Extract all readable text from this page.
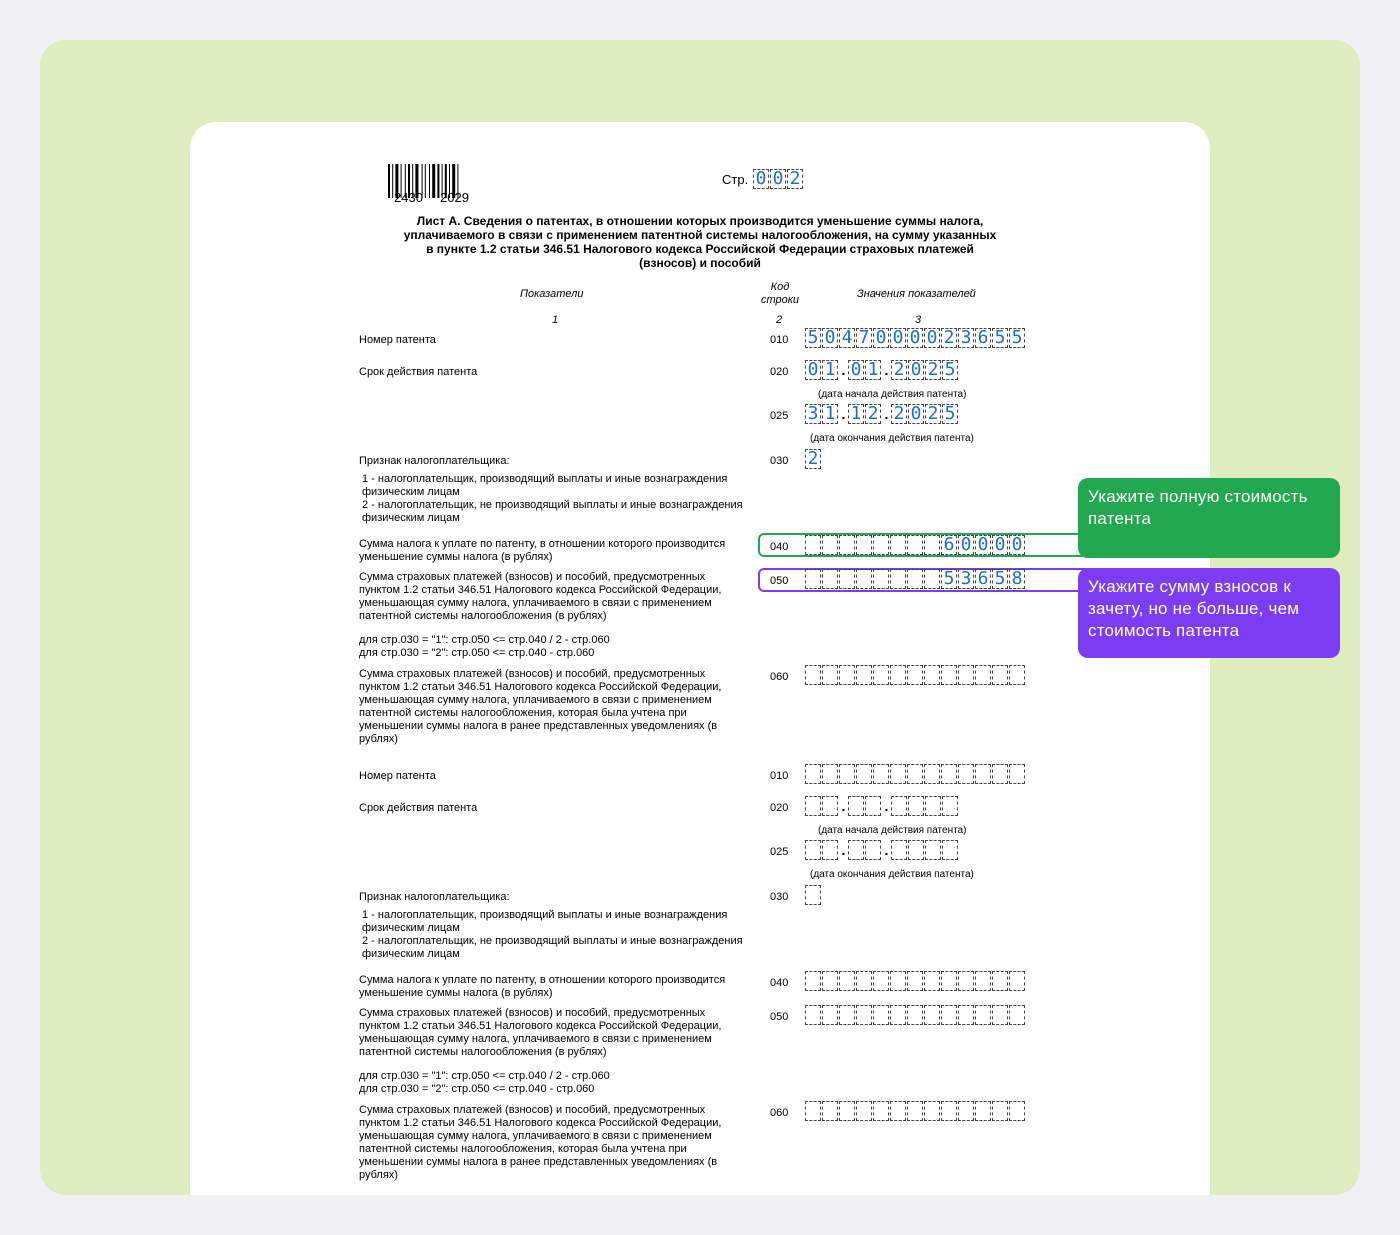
2430 2029
Стр. 0 0 2
Лист А. Сведения о патентах, в отношении которых производится уменьшение суммы налога, уплачиваемого в связи с применением патентной системы налогообложения, на сумму указанных в пункте 1.2 статьи 346.51 Налогового кодекса Российской Федерации страховых платежей (взносов) и пособий
Показатели
Код строки	Значения показателей
1	2	3
Номер патента	010 5 0 4 7 0 0 0 0 2 3 6 5 5
Срок действия патента	020 0 1 . 0 1 . 2 0 2 5
(дата начала действия патента)
025 3 1 . 1 2 . 2 0 2 5
(дата окончания действия патента)
Признак налогоплательщика:	030 2
1 - налогоплательщик, производящий выплаты и иные вознаграждения
физическим лицам
2 - налогоплательщик, не производящий выплаты и иные вознаграждения
физическим лицам
Сумма налога к уплате по патенту, в отношении которого производится
уменьшение суммы налога (в рублях)
040	6 0 0 0 0
Сумма страховых платежей (взносов) и пособий, предусмотренных
пунктом 1.2 статьи 346.51 Налогового кодекса Российской Федерации,
уменьшающая сумму налога, уплачиваемого в связи с применением
патентной системы налогообложения (в рублях)
050	5 3 6 5 8
для стр.030 = "1": стр.050 <= стр.040 / 2 - стр.060
для стр.030 = "2": стр.050 <= стр.040 - стр.060
Сумма страховых платежей (взносов) и пособий, предусмотренных
пунктом 1.2 статьи 346.51 Налогового кодекса Российской Федерации,
уменьшающая сумму налога, уплачиваемого в связи с применением
патентной системы налогообложения, которая была учтена при
уменьшении суммы налога в ранее представленных уведомлениях (в
рублях)
060
Номер патента	010
Срок действия патента	020	.	.
(дата начала действия патента)
025	.	.
(дата окончания действия патента)
Признак налогоплательщика:	030
1 - налогоплательщик, производящий выплаты и иные вознаграждения
физическим лицам
2 - налогоплательщик, не производящий выплаты и иные вознаграждения
физическим лицам
Сумма налога к уплате по патенту, в отношении которого производится
уменьшение суммы налога (в рублях)
040
Сумма страховых платежей (взносов) и пособий, предусмотренных
пунктом 1.2 статьи 346.51 Налогового кодекса Российской Федерации,
уменьшающая сумму налога, уплачиваемого в связи с применением
патентной системы налогообложения (в рублях)
050
для стр.030 = "1": стр.050 <= стр.040 / 2 - стр.060
для стр.030 = "2": стр.050 <= стр.040 - стр.060
Сумма страховых платежей (взносов) и пособий, предусмотренных
пунктом 1.2 статьи 346.51 Налогового кодекса Российской Федерации,
уменьшающая сумму налога, уплачиваемого в связи с применением
патентной системы налогообложения, которая была учтена при
уменьшении суммы налога в ранее представленных уведомлениях (в
рублях)
060
Укажите полную стоимость патента
Укажите сумму взносов к зачету, но не больше, чем стоимость патента
